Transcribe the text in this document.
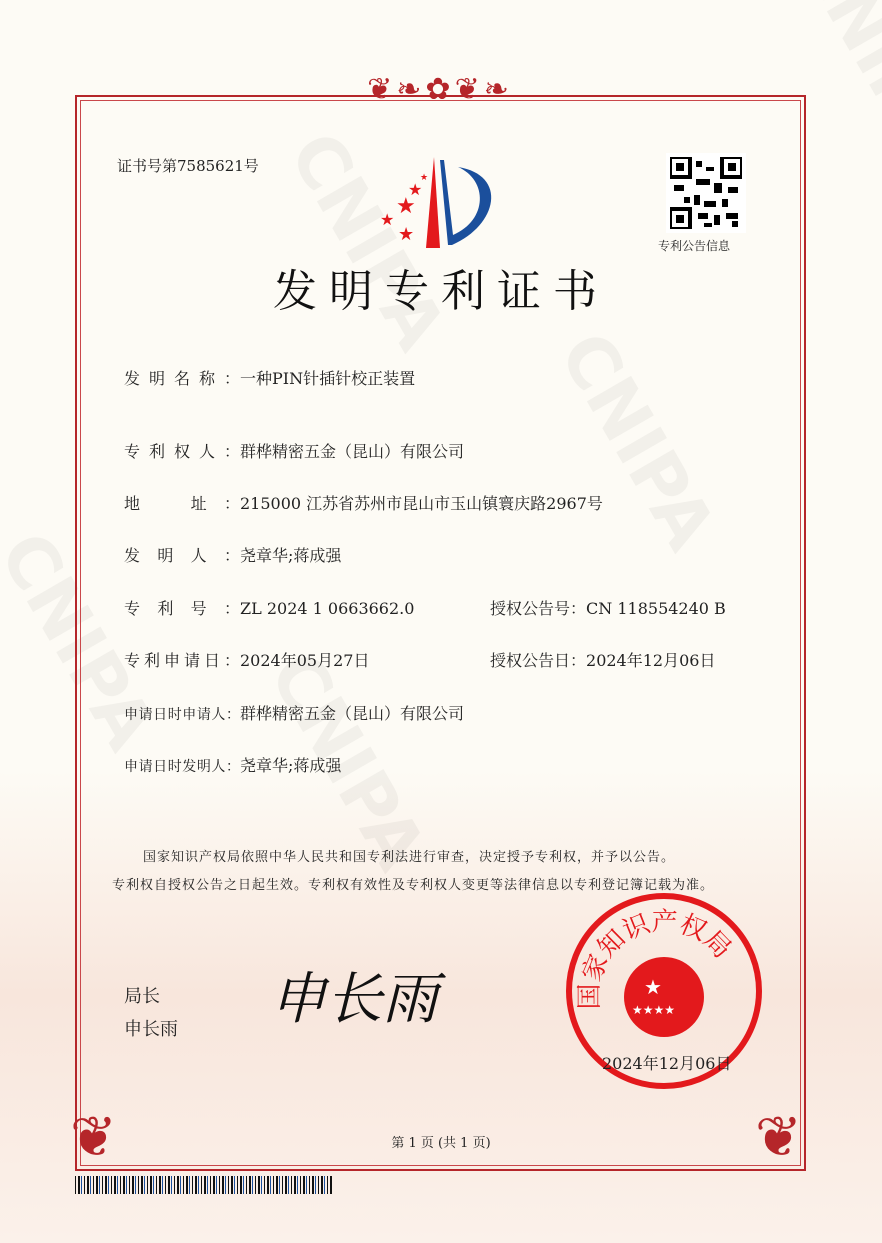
❦❧✿❦❧
❦	❦
证书号第7585621号
★
★
★
★
★
专利公告信息
发明专利证书
发明名称：一种PIN针插针校正装置
专利权人：群桦精密五金（昆山）有限公司
地　址：215000 江苏省苏州市昆山市玉山镇寰庆路2967号
发明人：尧章华;蒋成强
专利号：ZL 2024 1 0663662.0
专利申请日：2024年05月27日
申请日时申请人：群桦精密五金（昆山）有限公司
申请日时发明人：尧章华;蒋成强
授权公告号：CN 118554240 B
授权公告日：2024年12月06日
国家知识产权局依照中华人民共和国专利法进行审查，决定授予专利权，并予以公告。
专利权自授权公告之日起生效。专利权有效性及专利权人变更等法律信息以专利登记簿记载为准。
局长
申长雨 申长雨	国家知识产权局
★
★★★★
2024年12月06日
第 1 页 (共 1 页)
